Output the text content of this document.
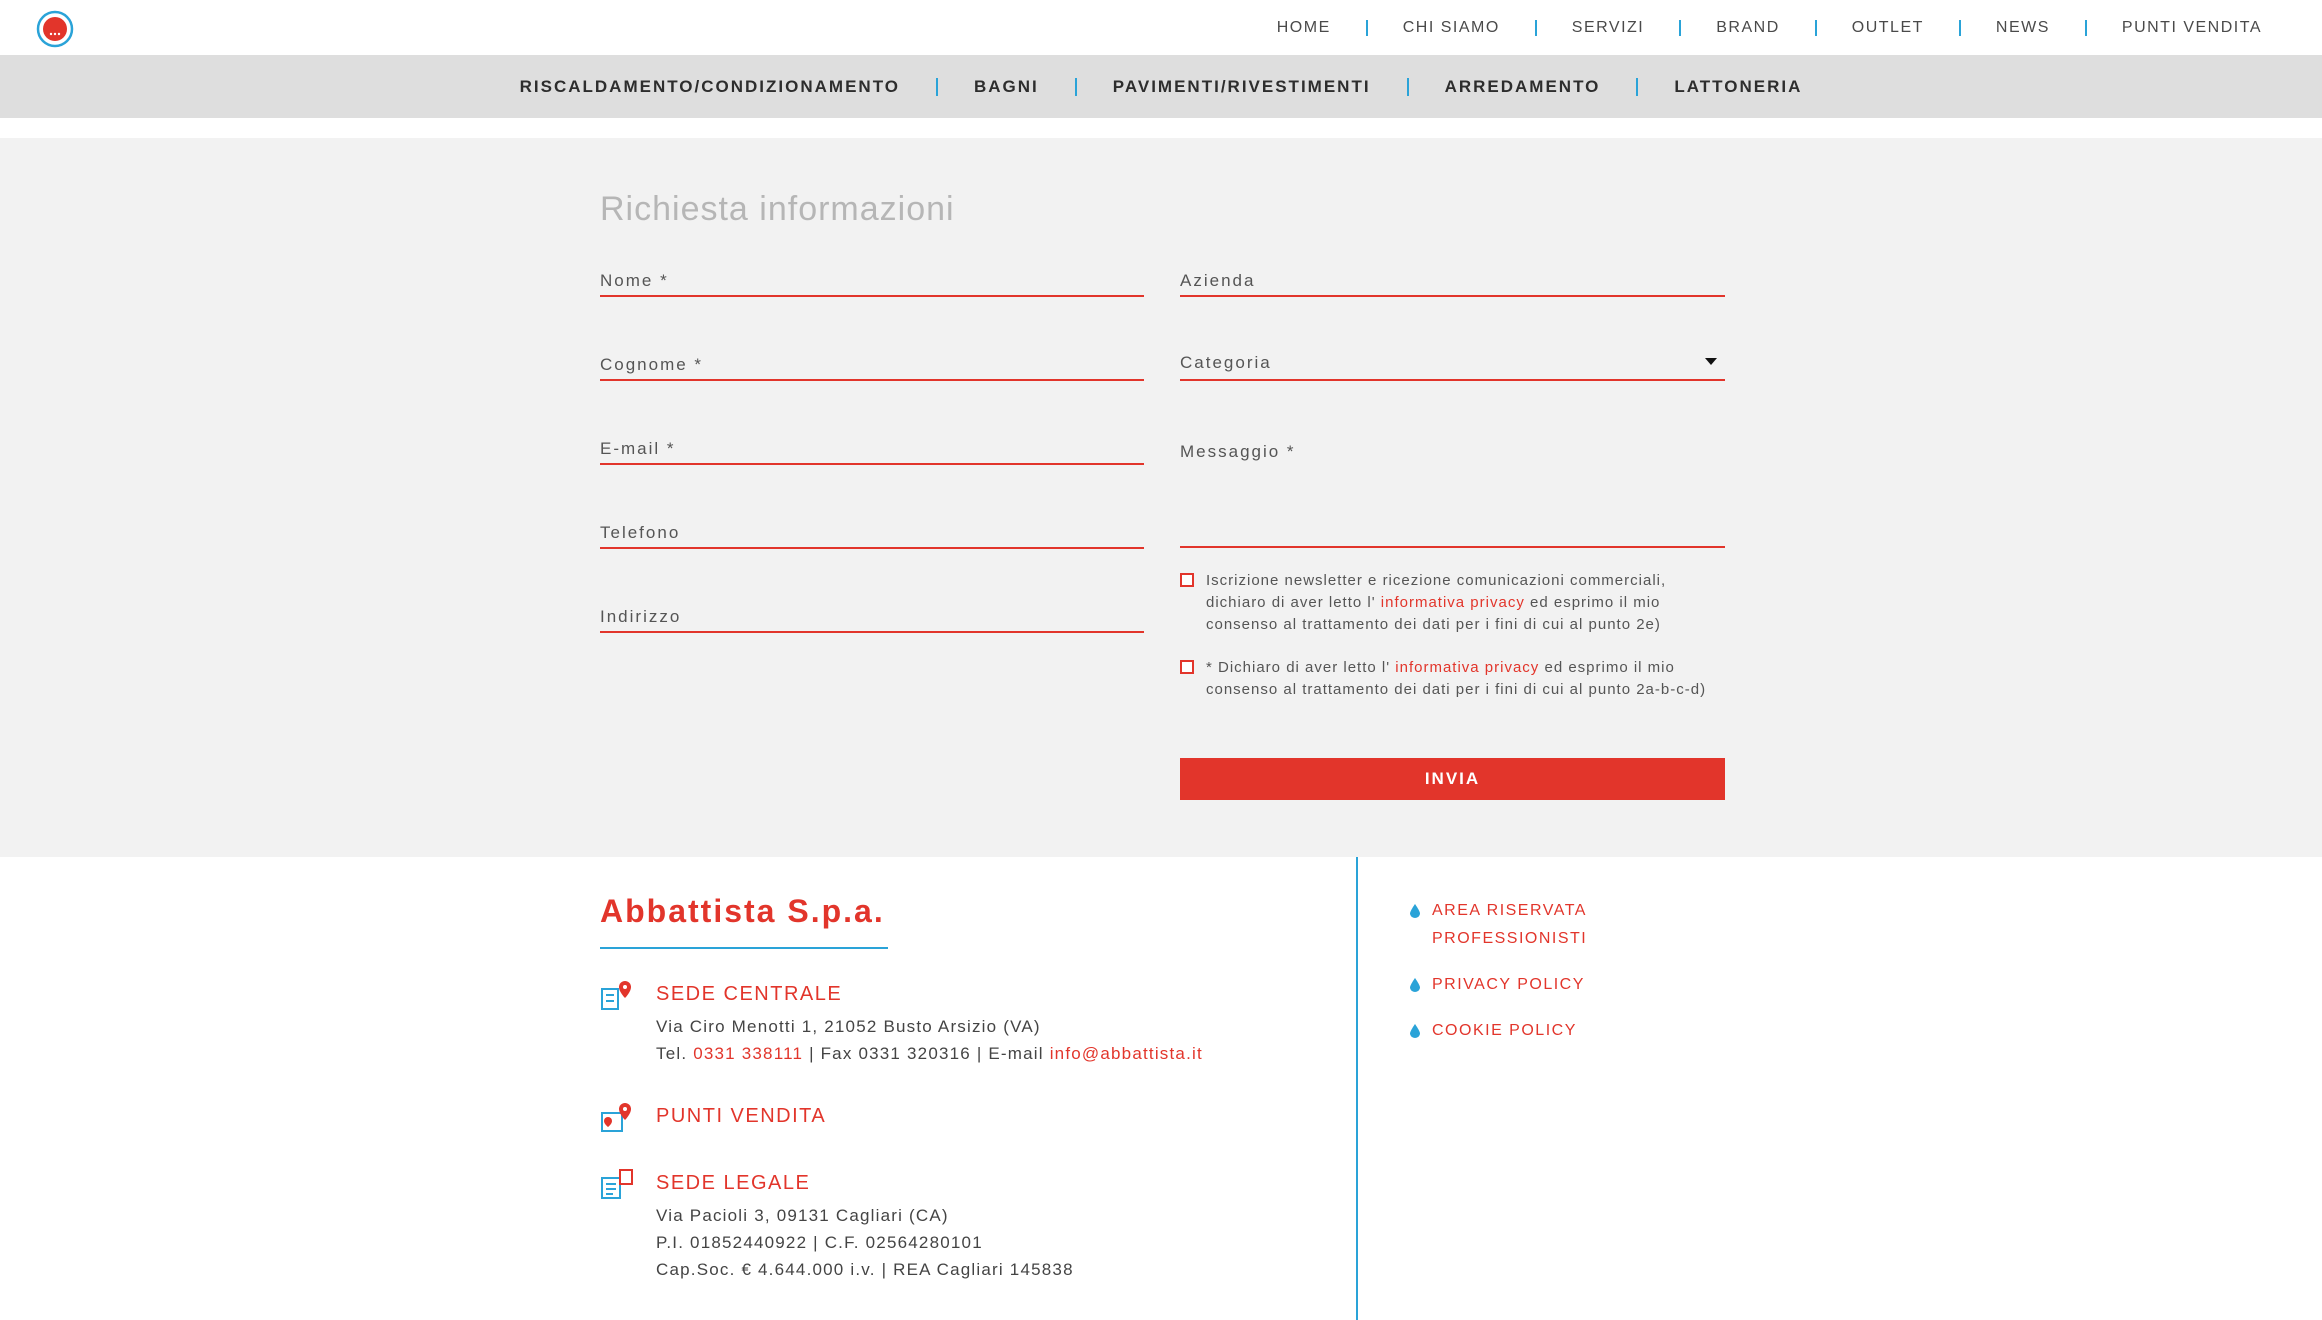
HOME	CHI SIAMO	SERVIZI	BRAND	OUTLET	NEWS	PUNTI VENDITA
RISCALDAMENTO/CONDIZIONAMENTO	BAGNI	PAVIMENTI/RIVESTIMENTI	ARREDAMENTO	LATTONERIA
Richiesta informazioni
Nome *
Cognome *
E-mail *
Telefono
Indirizzo
Azienda
Categoria
Messaggio *

Iscrizione newsletter e ricezione comunicazioni commerciali, dichiaro di aver letto l' informativa privacy ed esprimo il mio consenso al trattamento dei dati per i fini di cui al punto 2e)

* Dichiaro di aver letto l' informativa privacy ed esprimo il mio consenso al trattamento dei dati per i fini di cui al punto 2a-b-c-d)

INVIA
Abbattista S.p.a.
SEDE CENTRALE
Via Ciro Menotti 1, 21052 Busto Arsizio (VA)
Tel. 0331 338111 | Fax 0331 320316 | E-mail info@abbattista.it
PUNTI VENDITA
SEDE LEGALE
Via Pacioli 3, 09131 Cagliari (CA)
P.I. 01852440922 | C.F. 02564280101
Cap.Soc. € 4.644.000 i.v. | REA Cagliari 145838
AREA RISERVATA
PROFESSIONISTI
PRIVACY POLICY
COOKIE POLICY
